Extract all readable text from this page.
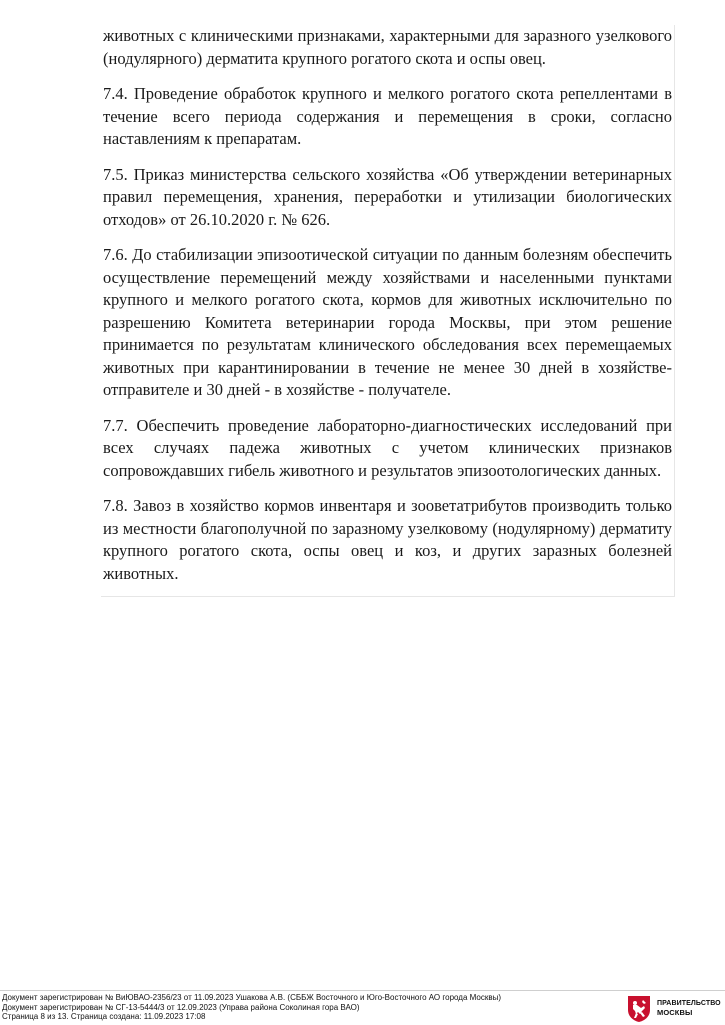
животных с клиническими признаками, характерными для заразного узелкового (нодулярного) дерматита крупного рогатого скота и оспы овец.

7.4. Проведение обработок крупного и мелкого рогатого скота репеллентами в течение всего периода содержания и перемещения в сроки, согласно наставлениям к препаратам.

7.5. Приказ министерства сельского хозяйства «Об утверждении ветеринарных правил перемещения, хранения, переработки и утилизации биологических отходов» от 26.10.2020 г. № 626.

7.6. До стабилизации эпизоотической ситуации по данным болезням обеспечить осуществление перемещений между хозяйствами и населенными пунктами крупного и мелкого рогатого скота, кормов для животных исключительно по разрешению Комитета ветеринарии города Москвы, при этом решение принимается по результатам клинического обследования всех перемещаемых животных при карантинировании в течение не менее 30 дней в хозяйстве-отправителе и 30 дней - в хозяйстве - получателе.

7.7. Обеспечить проведение лабораторно-диагностических исследований при всех случаях падежа животных с учетом клинических признаков сопровождавших гибель животного и результатов эпизоотологических данных.

7.8. Завоз в хозяйство кормов инвентаря и зооветатрибутов производить только из местности благополучной по заразному узелковому (нодулярному) дерматиту крупного рогатого скота, оспы овец и коз, и других заразных болезней животных.

Документ зарегистрирован № ВиЮВАО-2356/23 от 11.09.2023 Ушакова А.В. (СББЖ Восточного и Юго-Восточного АО города Москвы)
Документ зарегистрирован № СГ-13-5444/3 от 12.09.2023 (Управа района Соколиная гора ВАО)
Страница 8 из 13. Страница создана: 11.09.2023 17:08
ПРАВИТЕЛЬСТВО
МОСКВЫ
